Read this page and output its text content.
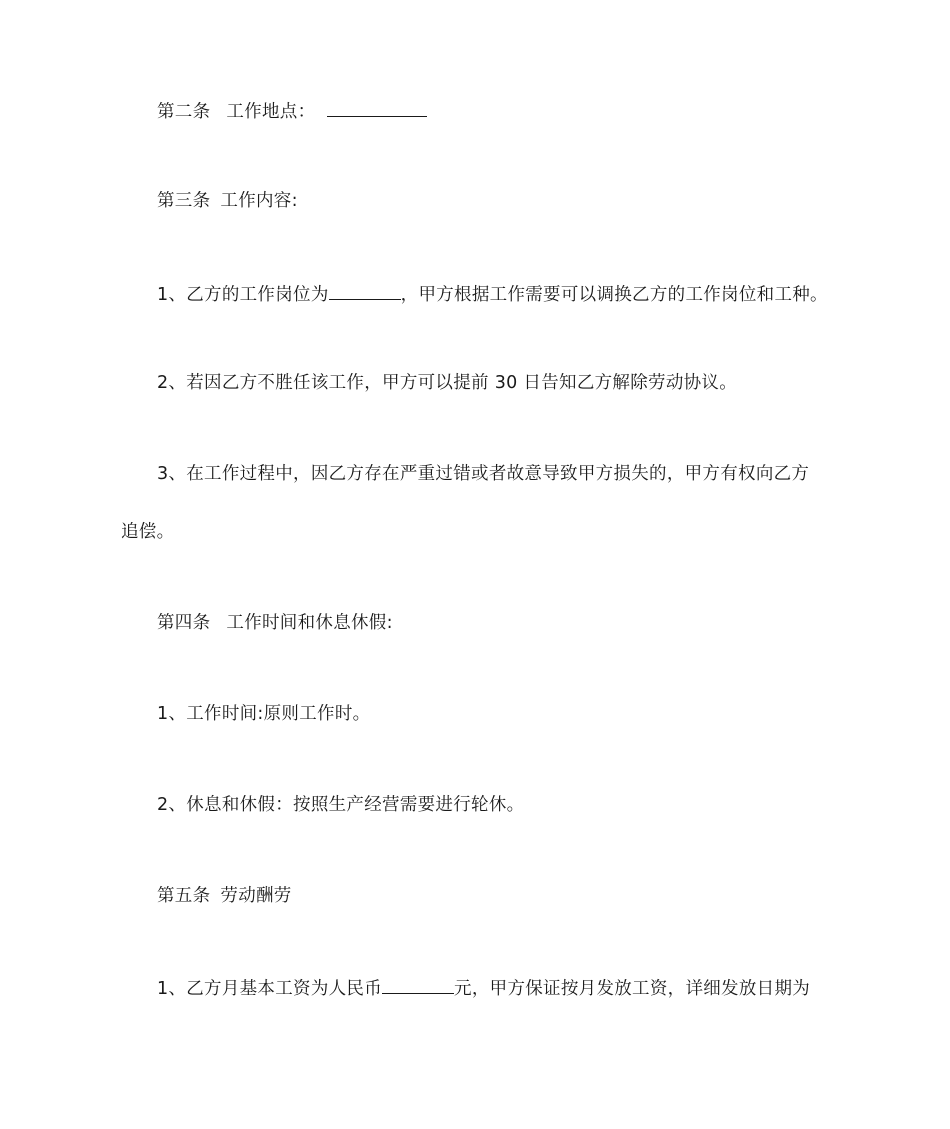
第二条 工作地点：
第三条 工作内容:
1、乙方的工作岗位为	，甲方根据工作需要可以调换乙方的工作岗位和工种。
2、若因乙方不胜任该工作，甲方可以提前 30 日告知乙方解除劳动协议。
3、在工作过程中，因乙方存在严重过错或者故意导致甲方损失的，甲方有权向乙方
追偿。
第四条 工作时间和休息休假:
1、工作时间:原则工作时。
2、休息和休假：按照生产经营需要进行轮休。
第五条 劳动酬劳
1、乙方月基本工资为人民币	元，甲方保证按月发放工资，详细发放日期为
